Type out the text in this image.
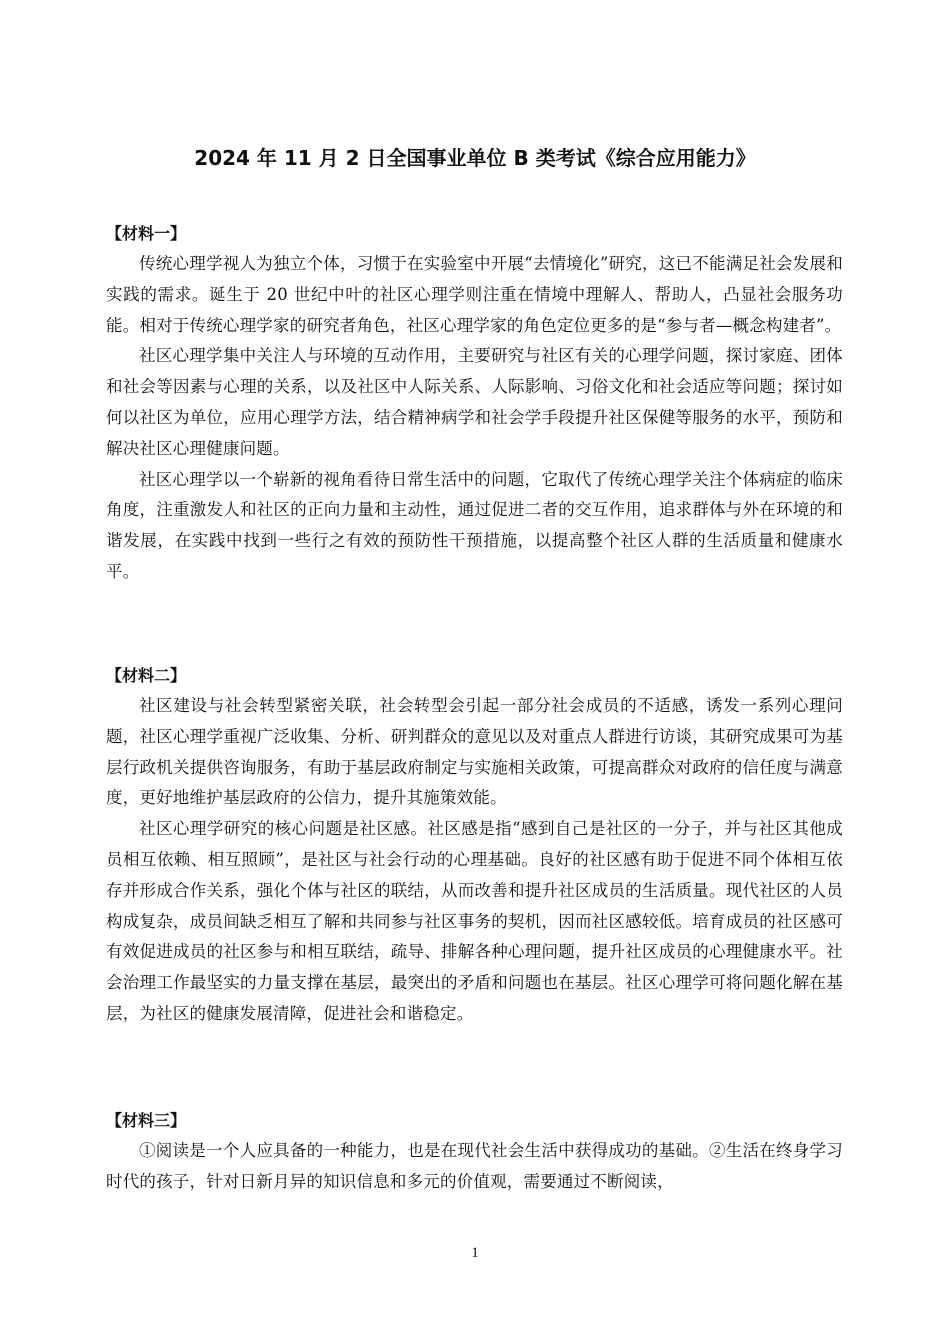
2024 年 11 月 2 日全国事业单位 B 类考试《综合应用能力》
【材料一】

传统心理学视人为独立个体，习惯于在实验室中开展“去情境化”研究，这已不能满足社会发展和实践的需求。诞生于 20 世纪中叶的社区心理学则注重在情境中理解人、帮助人，凸显社会服务功能。相对于传统心理学家的研究者角色，社区心理学家的角色定位更多的是“参与者—概念构建者”。

社区心理学集中关注人与环境的互动作用，主要研究与社区有关的心理学问题，探讨家庭、团体和社会等因素与心理的关系，以及社区中人际关系、人际影响、习俗文化和社会适应等问题；探讨如何以社区为单位，应用心理学方法，结合精神病学和社会学手段提升社区保健等服务的水平，预防和解决社区心理健康问题。

社区心理学以一个崭新的视角看待日常生活中的问题，它取代了传统心理学关注个体病症的临床角度，注重激发人和社区的正向力量和主动性，通过促进二者的交互作用，追求群体与外在环境的和谐发展，在实践中找到一些行之有效的预防性干预措施，以提高整个社区人群的生活质量和健康水平。

【材料二】

社区建设与社会转型紧密关联，社会转型会引起一部分社会成员的不适感，诱发一系列心理问题，社区心理学重视广泛收集、分析、研判群众的意见以及对重点人群进行访谈，其研究成果可为基层行政机关提供咨询服务，有助于基层政府制定与实施相关政策，可提高群众对政府的信任度与满意度，更好地维护基层政府的公信力，提升其施策效能。

社区心理学研究的核心问题是社区感。社区感是指“感到自己是社区的一分子，并与社区其他成员相互依赖、相互照顾”，是社区与社会行动的心理基础。良好的社区感有助于促进不同个体相互依存并形成合作关系，强化个体与社区的联结，从而改善和提升社区成员的生活质量。现代社区的人员构成复杂，成员间缺乏相互了解和共同参与社区事务的契机，因而社区感较低。培育成员的社区感可有效促进成员的社区参与和相互联结，疏导、排解各种心理问题，提升社区成员的心理健康水平。社会治理工作最坚实的力量支撑在基层，最突出的矛盾和问题也在基层。社区心理学可将问题化解在基层，为社区的健康发展清障，促进社会和谐稳定。

【材料三】

①阅读是一个人应具备的一种能力，也是在现代社会生活中获得成功的基础。②生活在终身学习时代的孩子，针对日新月异的知识信息和多元的价值观，需要通过不断阅读，

1
